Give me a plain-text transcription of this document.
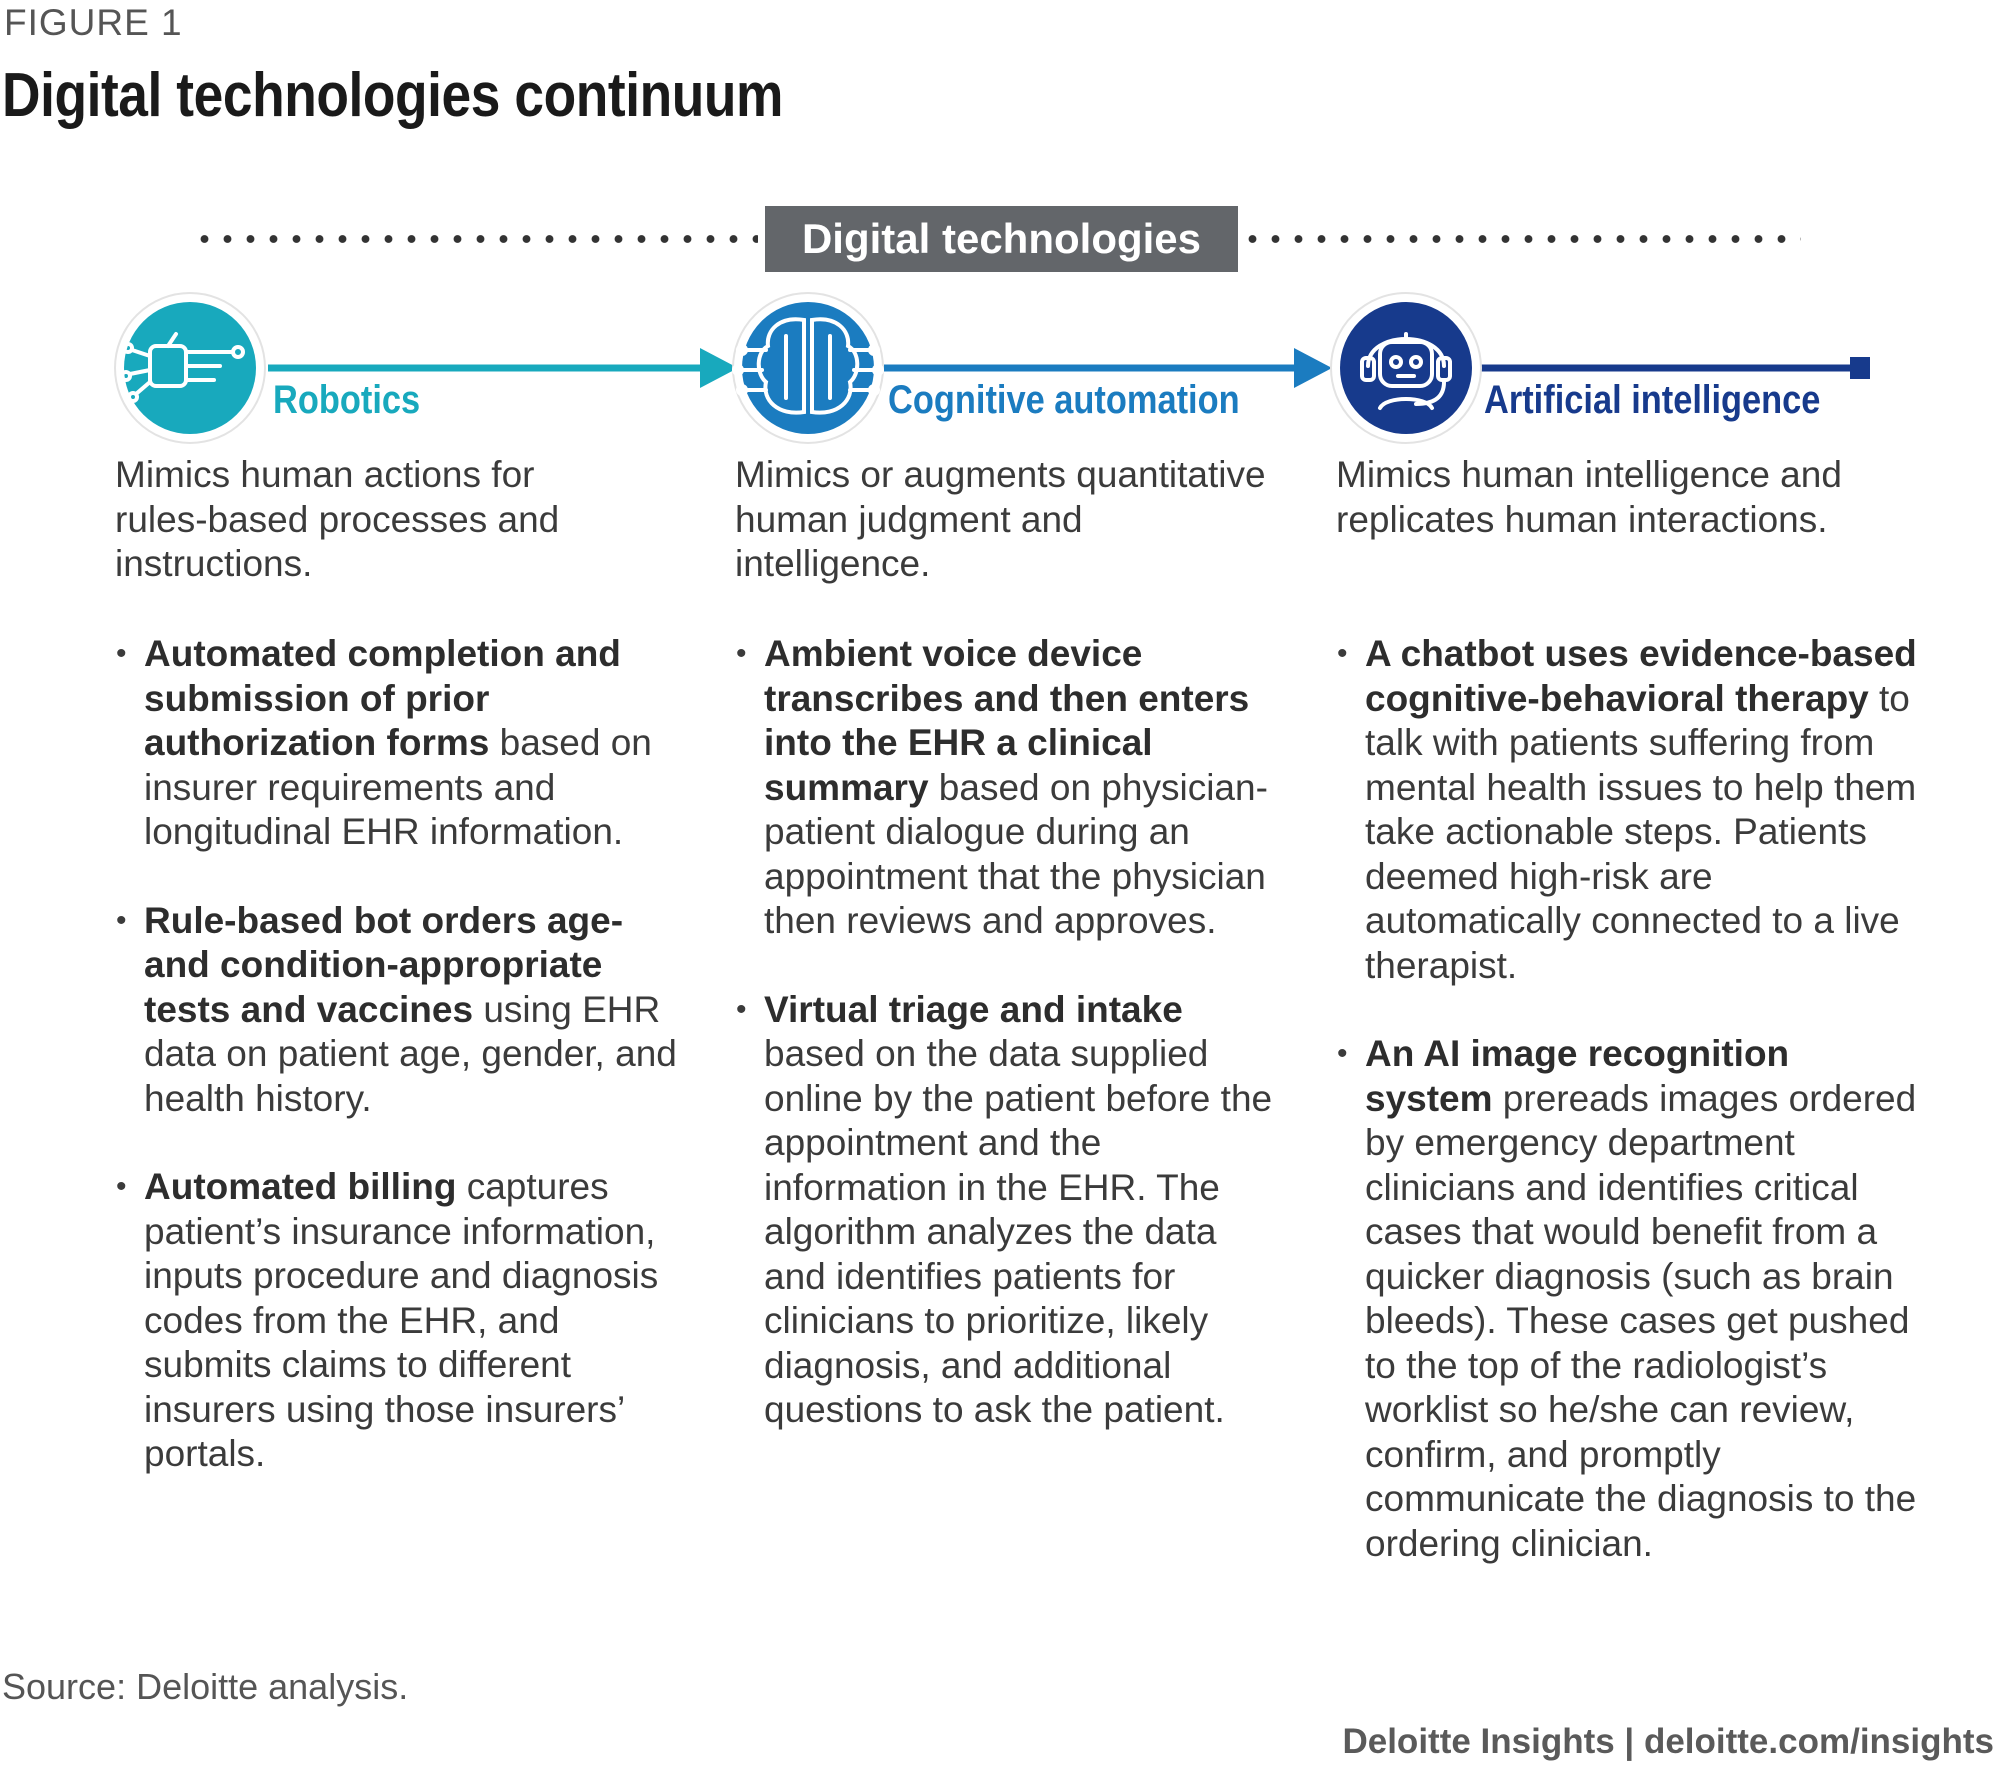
FIGURE 1
Digital technologies continuum
Digital technologies
Robotics	Cognitive automation	Artificial intelligence
Mimics human actions for rules-based processes and instructions.
Mimics or augments quantitative human judgment and intelligence.
Mimics human intelligence and replicates human interactions.
• Automated completion and submission of prior authorization forms based on insurer requirements and longitudinal EHR information.
• Rule-based bot orders age- and condition-appropriate tests and vaccines using EHR data on patient age, gender, and health history.
• Automated billing captures patient’s insurance information, inputs procedure and diagnosis codes from the EHR, and submits claims to different insurers using those insurers’ portals.
• Ambient voice device transcribes and then enters into the EHR a clinical summary based on physician-patient dialogue during an appointment that the physician then reviews and approves.
• Virtual triage and intake based on the data supplied online by the patient before the appointment and the information in the EHR. The algorithm analyzes the data and identifies patients for clinicians to prioritize, likely diagnosis, and additional questions to ask the patient.
• A chatbot uses evidence-based cognitive-behavioral therapy to talk with patients suffering from mental health issues to help them take actionable steps. Patients deemed high-risk are automatically connected to a live therapist.
• An AI image recognition system prereads images ordered by emergency department clinicians and identifies critical cases that would benefit from a quicker diagnosis (such as brain bleeds). These cases get pushed to the top of the radiologist’s worklist so he/she can review, confirm, and promptly communicate the diagnosis to the ordering clinician.
Source: Deloitte analysis.
Deloitte Insights | deloitte.com/insights
